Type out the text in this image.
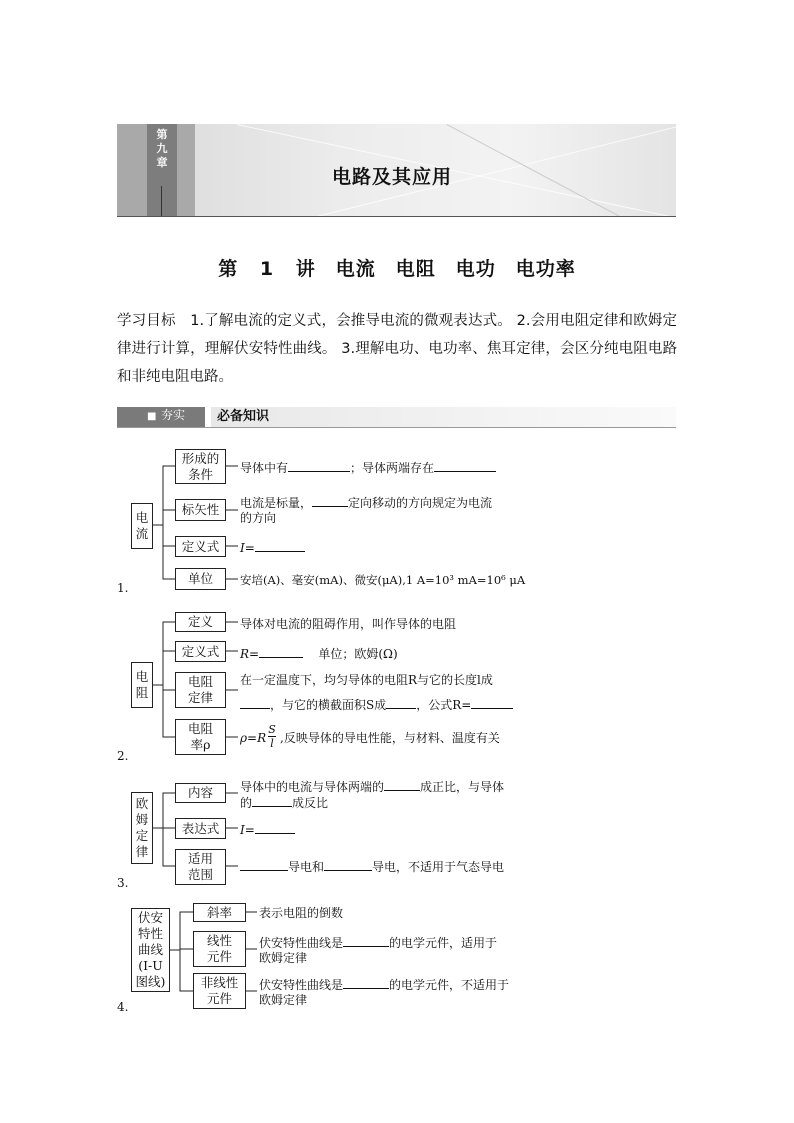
第
九
章
电路及其应用
第 1 讲　电流　电阻　电功　电功率
学习目标　1.了解电流的定义式，会推导电流的微观表达式。 2.会用电阻定律和欧姆定律进行计算，理解伏安特性曲线。 3.理解电功、电功率、焦耳定律，会区分纯电阻电路和非纯电阻电路。
■ 夯实	必备知识
1.
电
流
形成的
条件 导体中有	；导体两端存在
标矢性 电流是标量，	定向移动的方向规定为电流
的方向
定义式 I=
单位 安培(A)、毫安(mA)、微安(μA),1 A=10³ mA=10⁶ μA
2.
电
阻
定义 导体对电流的阻碍作用，叫作导体的电阻
定义式 R=	单位；欧姆(Ω)
电阻
定律
在一定温度下，均匀导体的电阻R与它的长度l成
，与它的横截面积S成	，公式R=
电阻
率ρ ρ=R
S
l ,反映导体的导电性能，与材料、温度有关
3.
欧
姆
定
律
内容 导体中的电流与导体两端的	成正比，与导体
的	成反比
表达式 I=
适用
范围	导电和	导电，不适用于气态导电
4.
伏安
特性
曲线
(I-U
图线)
斜率 表示电阻的倒数
线性
元件
伏安特性曲线是	的电学元件，适用于
欧姆定律
非线性
元件
伏安特性曲线是	的电学元件，不适用于
欧姆定律
